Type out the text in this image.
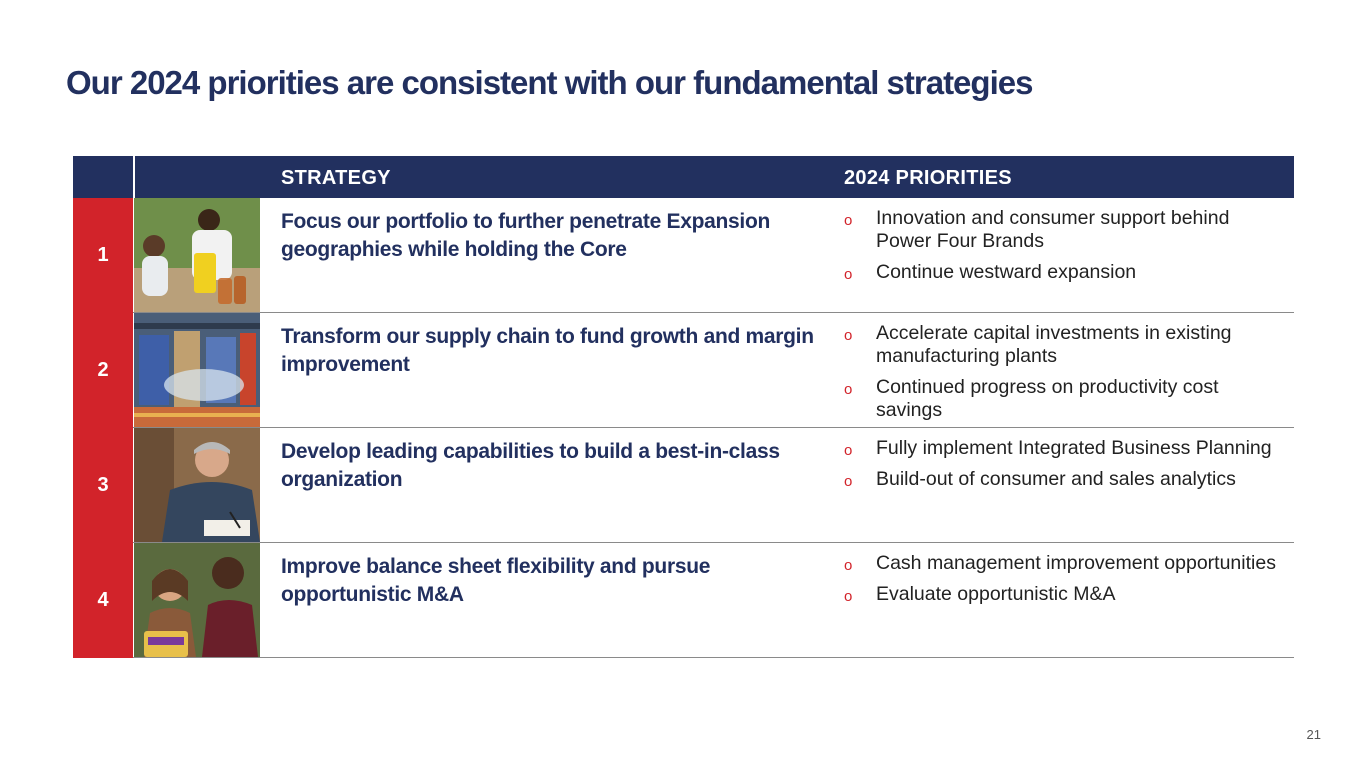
Our 2024 priorities are consistent with our fundamental strategies
STRATEGY	2024 PRIORITIES
1
Focus our portfolio to further penetrate Expansion geographies while holding the Core
o Innovation and consumer support behind Power Four Brands
o Continue westward expansion
2
Transform our supply chain to fund growth and margin improvement
o Accelerate capital investments in existing manufacturing plants
o Continued progress on productivity cost savings
3
Develop leading capabilities to build a best-in-class organization
o Fully implement Integrated Business Planning
o Build-out of consumer and sales analytics
4
Improve balance sheet flexibility and pursue opportunistic M&A
o Cash management improvement opportunities
o Evaluate opportunistic M&A
21
